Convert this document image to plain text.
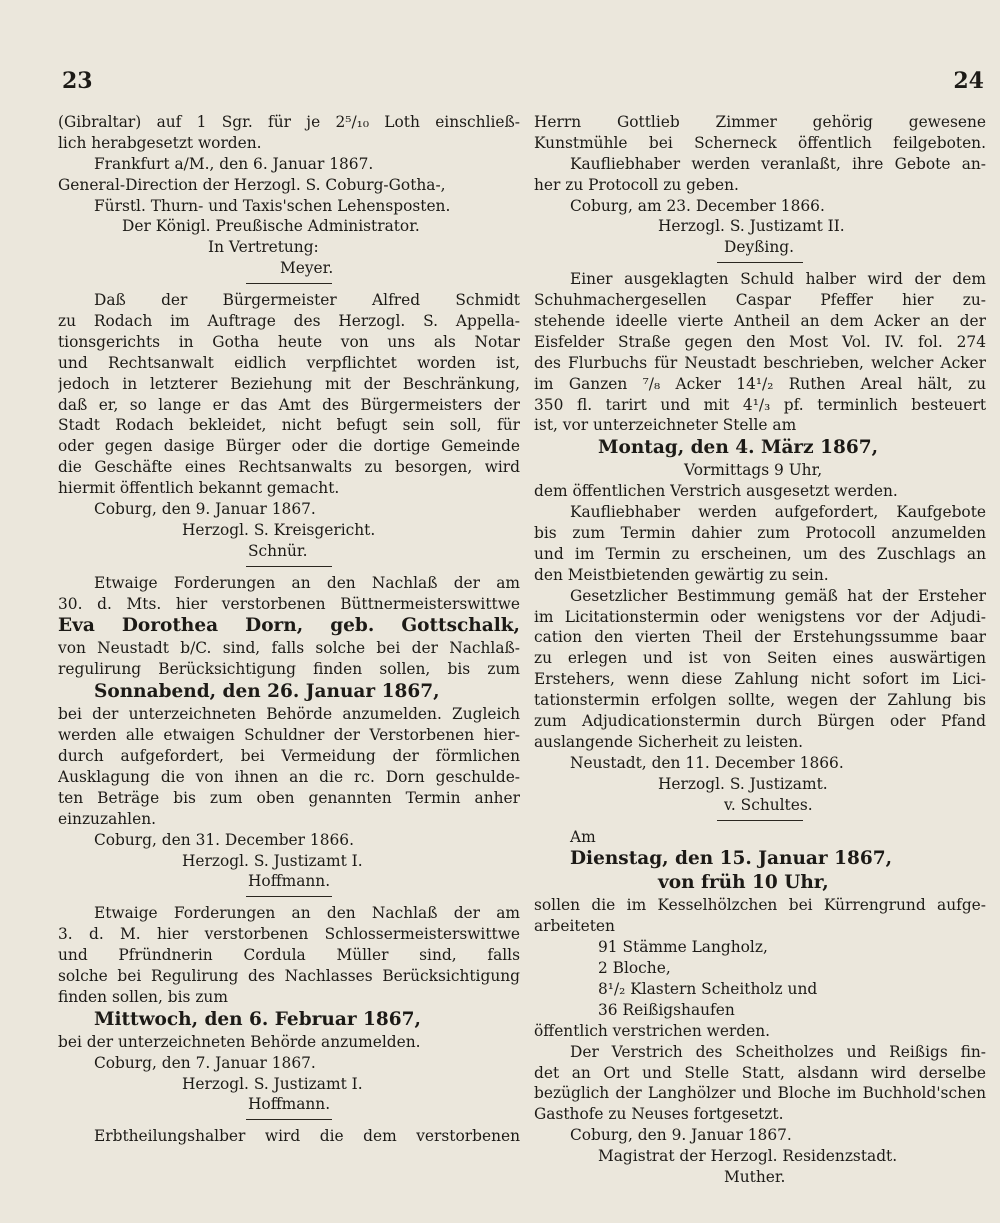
23	24
(Gibraltar) auf 1 Sgr. für je 2⁵/₁₀ Loth einschließ-
lich herabgesetzt worden.
Frankfurt a/M., den 6. Januar 1867.
General-Direction der Herzogl. S. Coburg-Gotha-,
Fürstl. Thurn- und Taxis'schen Lehensposten.
Der Königl. Preußische Administrator.
In Vertretung:
Meyer.
Daß der Bürgermeister Alfred Schmidt
zu Rodach im Auftrage des Herzogl. S. Appella-
tionsgerichts in Gotha heute von uns als Notar
und Rechtsanwalt eidlich verpflichtet worden ist,
jedoch in letzterer Beziehung mit der Beschränkung,
daß er, so lange er das Amt des Bürgermeisters der
Stadt Rodach bekleidet, nicht befugt sein soll, für
oder gegen dasige Bürger oder die dortige Gemeinde
die Geschäfte eines Rechtsanwalts zu besorgen, wird
hiermit öffentlich bekannt gemacht.
Coburg, den 9. Januar 1867.
Herzogl. S. Kreisgericht.
Schnür.
Etwaige Forderungen an den Nachlaß der am
30. d. Mts. hier verstorbenen Büttnermeisterswittwe
Eva Dorothea Dorn, geb. Gottschalk,
von Neustadt b/C. sind, falls solche bei der Nachlaß-
regulirung Berücksichtigung finden sollen, bis zum
Sonnabend, den 26. Januar 1867,
bei der unterzeichneten Behörde anzumelden. Zugleich
werden alle etwaigen Schuldner der Verstorbenen hier-
durch aufgefordert, bei Vermeidung der förmlichen
Ausklagung die von ihnen an die rc. Dorn geschulde-
ten Beträge bis zum oben genannten Termin anher
einzuzahlen.
Coburg, den 31. December 1866.
Herzogl. S. Justizamt I.
Hoffmann.
Etwaige Forderungen an den Nachlaß der am
3. d. M. hier verstorbenen Schlossermeisterswittwe
und Pfründnerin Cordula Müller sind, falls
solche bei Regulirung des Nachlasses Berücksichtigung
finden sollen, bis zum
Mittwoch, den 6. Februar 1867,
bei der unterzeichneten Behörde anzumelden.
Coburg, den 7. Januar 1867.
Herzogl. S. Justizamt I.
Hoffmann.
Erbtheilungshalber wird die dem verstorbenen
Herrn Gottlieb Zimmer gehörig gewesene
Kunstmühle bei Scherneck öffentlich feilgeboten.
Kaufliebhaber werden veranlaßt, ihre Gebote an-
her zu Protocoll zu geben.
Coburg, am 23. December 1866.
Herzogl. S. Justizamt II.
Deyßing.
Einer ausgeklagten Schuld halber wird der dem
Schuhmachergesellen Caspar Pfeffer hier zu-
stehende ideelle vierte Antheil an dem Acker an der
Eisfelder Straße gegen den Most Vol. IV. fol. 274
des Flurbuchs für Neustadt beschrieben, welcher Acker
im Ganzen ⁷/₈ Acker 14¹/₂ Ruthen Areal hält, zu
350 fl. tarirt und mit 4¹/₃ pf. terminlich besteuert
ist, vor unterzeichneter Stelle am
Montag, den 4. März 1867,
Vormittags 9 Uhr,
dem öffentlichen Verstrich ausgesetzt werden.
Kaufliebhaber werden aufgefordert, Kaufgebote
bis zum Termin dahier zum Protocoll anzumelden
und im Termin zu erscheinen, um des Zuschlags an
den Meistbietenden gewärtig zu sein.
Gesetzlicher Bestimmung gemäß hat der Ersteher
im Licitationstermin oder wenigstens vor der Adjudi-
cation den vierten Theil der Erstehungssumme baar
zu erlegen und ist von Seiten eines auswärtigen
Erstehers, wenn diese Zahlung nicht sofort im Lici-
tationstermin erfolgen sollte, wegen der Zahlung bis
zum Adjudicationstermin durch Bürgen oder Pfand
auslangende Sicherheit zu leisten.
Neustadt, den 11. December 1866.
Herzogl. S. Justizamt.
v. Schultes.
Am
Dienstag, den 15. Januar 1867,
von früh 10 Uhr,
sollen die im Kesselhölzchen bei Kürrengrund aufge-
arbeiteten
91 Stämme Langholz,
2 Bloche,
8¹/₂ Klastern Scheitholz und
36 Reißigshaufen
öffentlich verstrichen werden.
Der Verstrich des Scheitholzes und Reißigs fin-
det an Ort und Stelle Statt, alsdann wird derselbe
bezüglich der Langhölzer und Bloche im Buchhold'schen
Gasthofe zu Neuses fortgesetzt.
Coburg, den 9. Januar 1867.
Magistrat der Herzogl. Residenzstadt.
Muther.
